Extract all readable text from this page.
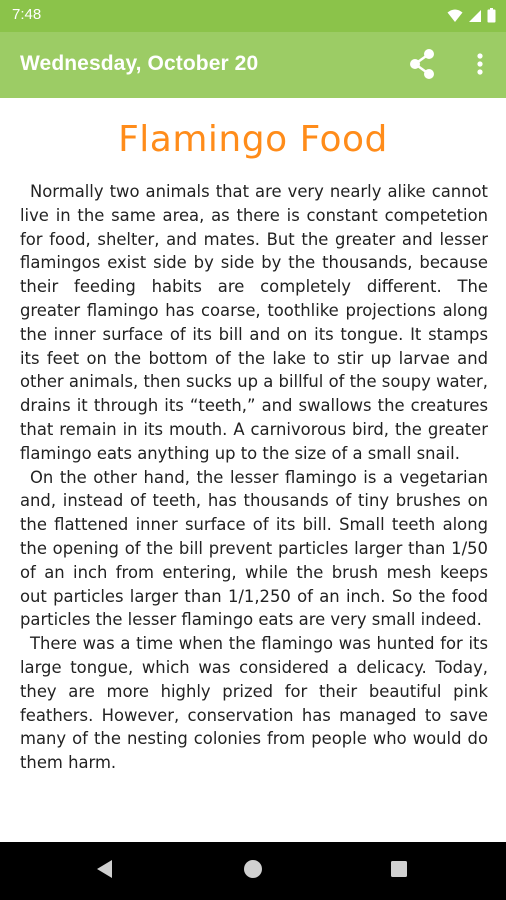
7:48
Wednesday, October 20
Flamingo Food

Normally two animals that are very nearly alike cannot live in the same area, as there is constant competetion for food, shelter, and mates. But the greater and lesser flamingos exist side by side by the thousands, because their feeding habits are completely different. The greater flamingo has coarse, toothlike projections along the inner surface of its bill and on its tongue. It stamps its feet on the bottom of the lake to stir up larvae and other animals, then sucks up a billful of the soupy water, drains it through its “teeth,” and swallows the creatures that remain in its mouth. A carnivorous bird, the greater flamingo eats anything up to the size of a small snail.

On the other hand, the lesser flamingo is a vegetarian and, instead of teeth, has thousands of tiny brushes on the flattened inner surface of its bill. Small teeth along the opening of the bill prevent particles larger than 1/50 of an inch from entering, while the brush mesh keeps out particles larger than 1/1,250 of an inch. So the food particles the lesser flamingo eats are very small indeed.

There was a time when the flamingo was hunted for its large tongue, which was considered a delicacy. Today, they are more highly prized for their beautiful pink feathers. However, conservation has managed to save many of the nesting colonies from people who would do them harm.
